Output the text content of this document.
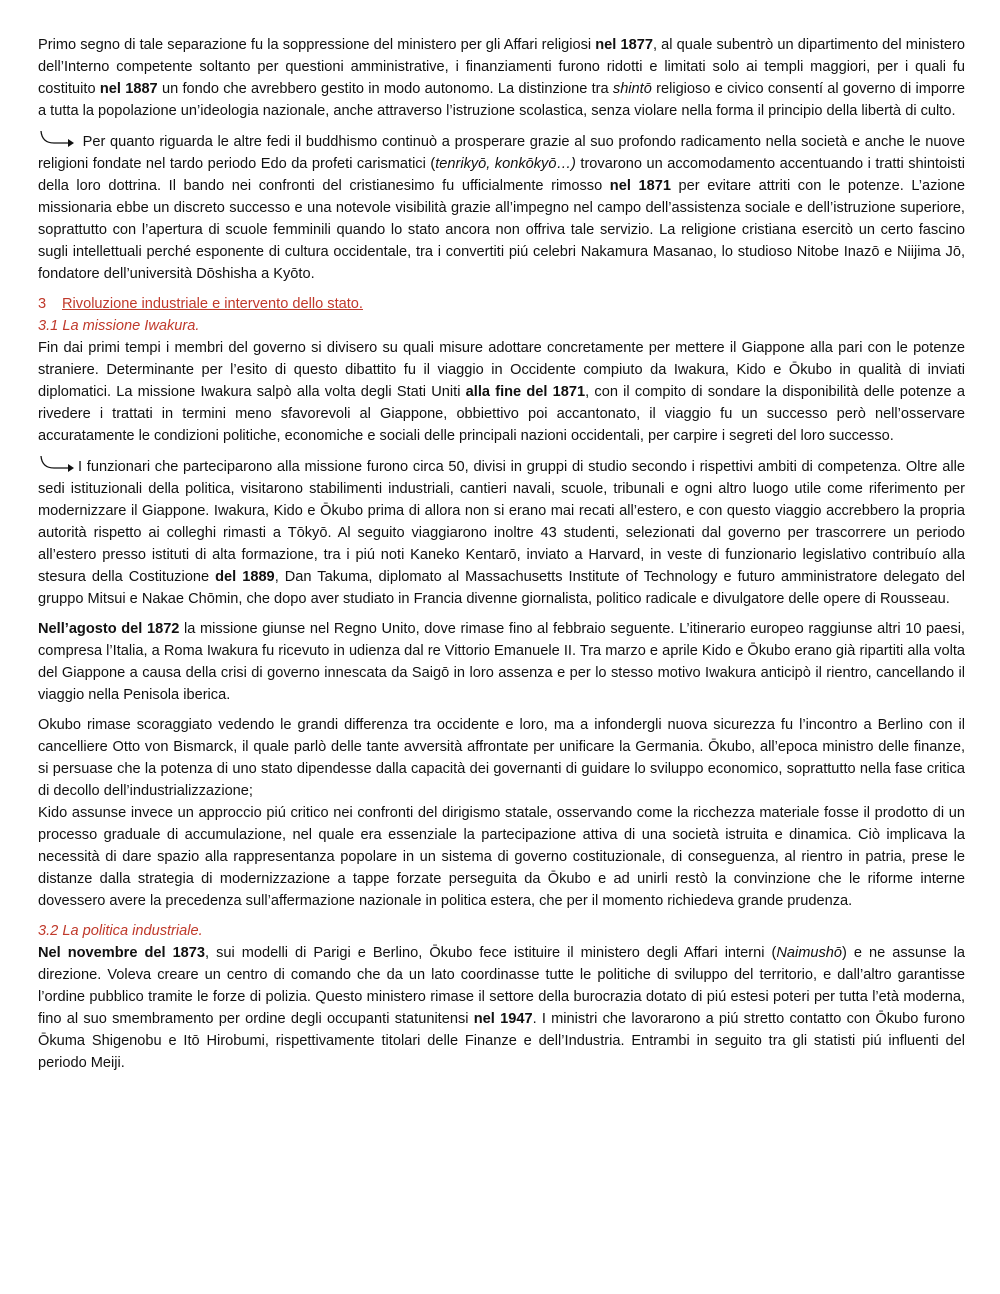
Primo segno di tale separazione fu la soppressione del ministero per gli Affari religiosi nel 1877, al quale subentrò un dipartimento del ministero dell’Interno competente soltanto per questioni amministrative, i finanziamenti furono ridotti e limitati solo ai templi maggiori, per i quali fu costituito nel 1887 un fondo che avrebbero gestito in modo autonomo. La distinzione tra shintō religioso e civico consentí al governo di imporre a tutta la popolazione un’ideologia nazionale, anche attraverso l’istruzione scolastica, senza violare nella forma il principio della libertà di culto.

Per quanto riguarda le altre fedi il buddhismo continuò a prosperare grazie al suo profondo radicamento nella società e anche le nuove religioni fondate nel tardo periodo Edo da profeti carismatici (tenrikyō, konkōkyō…) trovarono un accomodamento accentuando i tratti shintoisti della loro dottrina. Il bando nei confronti del cristianesimo fu ufficialmente rimosso nel 1871 per evitare attriti con le potenze. L’azione missionaria ebbe un discreto successo e una notevole visibilità grazie all’impegno nel campo dell’assistenza sociale e dell’istruzione superiore, soprattutto con l’apertura di scuole femminili quando lo stato ancora non offriva tale servizio. La religione cristiana esercitò un certo fascino sugli intellettuali perché esponente di cultura occidentale, tra i convertiti piú celebri Nakamura Masanao, lo studioso Nitobe Inazō e Niijima Jō, fondatore dell’università Dōshisha a Kyōto.

3 Rivoluzione industriale e intervento dello stato.

3.1 La missione Iwakura.

Fin dai primi tempi i membri del governo si divisero su quali misure adottare concretamente per mettere il Giappone alla pari con le potenze straniere. Determinante per l’esito di questo dibattito fu il viaggio in Occidente compiuto da Iwakura, Kido e Ōkubo in qualità di inviati diplomatici. La missione Iwakura salpò alla volta degli Stati Uniti alla fine del 1871, con il compito di sondare la disponibilità delle potenze a rivedere i trattati in termini meno sfavorevoli al Giappone, obbiettivo poi accantonato, il viaggio fu un successo però nell’osservare accuratamente le condizioni politiche, economiche e sociali delle principali nazioni occidentali, per carpire i segreti del loro successo.

I funzionari che parteciparono alla missione furono circa 50, divisi in gruppi di studio secondo i rispettivi ambiti di competenza. Oltre alle sedi istituzionali della politica, visitarono stabilimenti industriali, cantieri navali, scuole, tribunali e ogni altro luogo utile come riferimento per modernizzare il Giappone. Iwakura, Kido e Ōkubo prima di allora non si erano mai recati all’estero, e con questo viaggio accrebbero la propria autorità rispetto ai colleghi rimasti a Tōkyō. Al seguito viaggiarono inoltre 43 studenti, selezionati dal governo per trascorrere un periodo all’estero presso istituti di alta formazione, tra i piú noti Kaneko Kentarō, inviato a Harvard, in veste di funzionario legislativo contribuío alla stesura della Costituzione del 1889, Dan Takuma, diplomato al Massachusetts Institute of Technology e futuro amministratore delegato del gruppo Mitsui e Nakae Chōmin, che dopo aver studiato in Francia divenne giornalista, politico radicale e divulgatore delle opere di Rousseau.

Nell’agosto del 1872 la missione giunse nel Regno Unito, dove rimase fino al febbraio seguente. L’itinerario europeo raggiunse altri 10 paesi, compresa l’Italia, a Roma Iwakura fu ricevuto in udienza dal re Vittorio Emanuele II. Tra marzo e aprile Kido e Ōkubo erano già ripartiti alla volta del Giappone a causa della crisi di governo innescata da Saigō in loro assenza e per lo stesso motivo Iwakura anticipò il rientro, cancellando il viaggio nella Penisola iberica.

Okubo rimase scoraggiato vedendo le grandi differenza tra occidente e loro, ma a infondergli nuova sicurezza fu l’incontro a Berlino con il cancelliere Otto von Bismarck, il quale parlò delle tante avversità affrontate per unificare la Germania. Ōkubo, all’epoca ministro delle finanze, si persuase che la potenza di uno stato dipendesse dalla capacità dei governanti di guidare lo sviluppo economico, soprattutto nella fase critica di decollo dell’industrializzazione;

Kido assunse invece un approccio piú critico nei confronti del dirigismo statale, osservando come la ricchezza materiale fosse il prodotto di un processo graduale di accumulazione, nel quale era essenziale la partecipazione attiva di una società istruita e dinamica. Ciò implicava la necessità di dare spazio alla rappresentanza popolare in un sistema di governo costituzionale, di conseguenza, al rientro in patria, prese le distanze dalla strategia di modernizzazione a tappe forzate perseguita da Ōkubo e ad unirli restò la convinzione che le riforme interne dovessero avere la precedenza sull’affermazione nazionale in politica estera, che per il momento richiedeva grande prudenza.

3.2 La politica industriale.

Nel novembre del 1873, sui modelli di Parigi e Berlino, Ōkubo fece istituire il ministero degli Affari interni (Naimushō) e ne assunse la direzione. Voleva creare un centro di comando che da un lato coordinasse tutte le politiche di sviluppo del territorio, e dall’altro garantisse l’ordine pubblico tramite le forze di polizia. Questo ministero rimase il settore della burocrazia dotato di piú estesi poteri per tutta l’età moderna, fino al suo smembramento per ordine degli occupanti statunitensi nel 1947. I ministri che lavorarono a piú stretto contatto con Ōkubo furono Ōkuma Shigenobu e Itō Hirobumi, rispettivamente titolari delle Finanze e dell’Industria. Entrambi in seguito tra gli statisti piú influenti del periodo Meiji.
